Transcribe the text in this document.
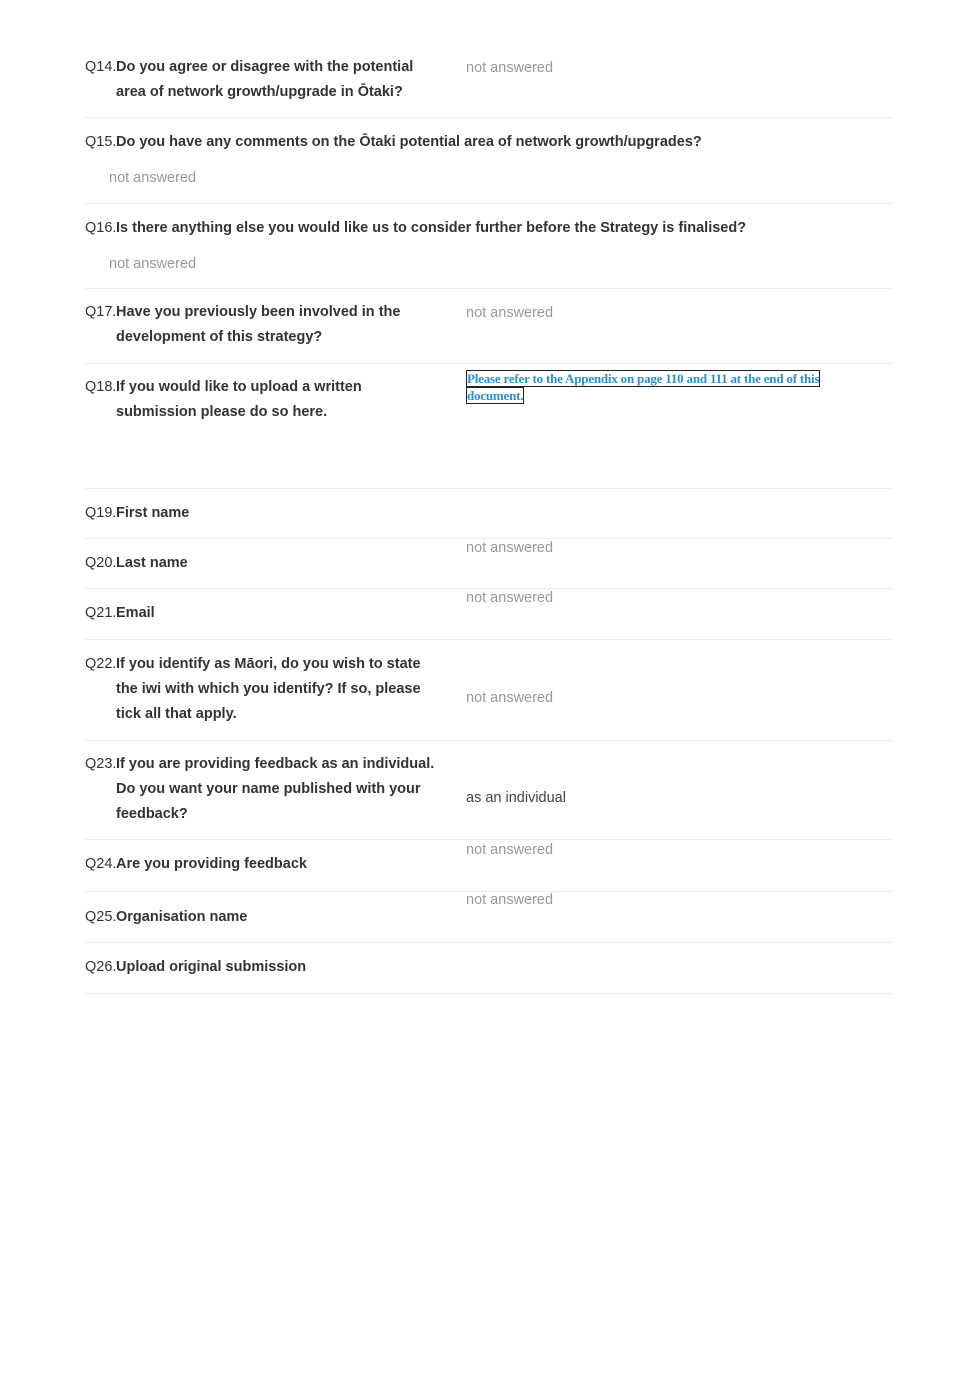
Q14. Do you agree or disagree with the potential area of network growth/upgrade in Ōtaki?
not answered
Q15. Do you have any comments on the Ōtaki potential area of network growth/upgrades?
not answered
Q16. Is there anything else you would like us to consider further before the Strategy is finalised?
not answered
Q17. Have you previously been involved in the development of this strategy?
not answered
Q18. If you would like to upload a written submission please do so here.
Please refer to the Appendix on page 110 and 111 at the end of this
document.
Q19. First name
Q20. Last name
not answered
Q21. Email
not answered
Q22. If you identify as Māori, do you wish to state the iwi with which you identify? If so, please tick all that apply.
not answered
Q23. If you are providing feedback as an individual. Do you want your name published with your feedback?
as an individual
Q24. Are you providing feedback
not answered
Q25. Organisation name
not answered
Q26. Upload original submission
